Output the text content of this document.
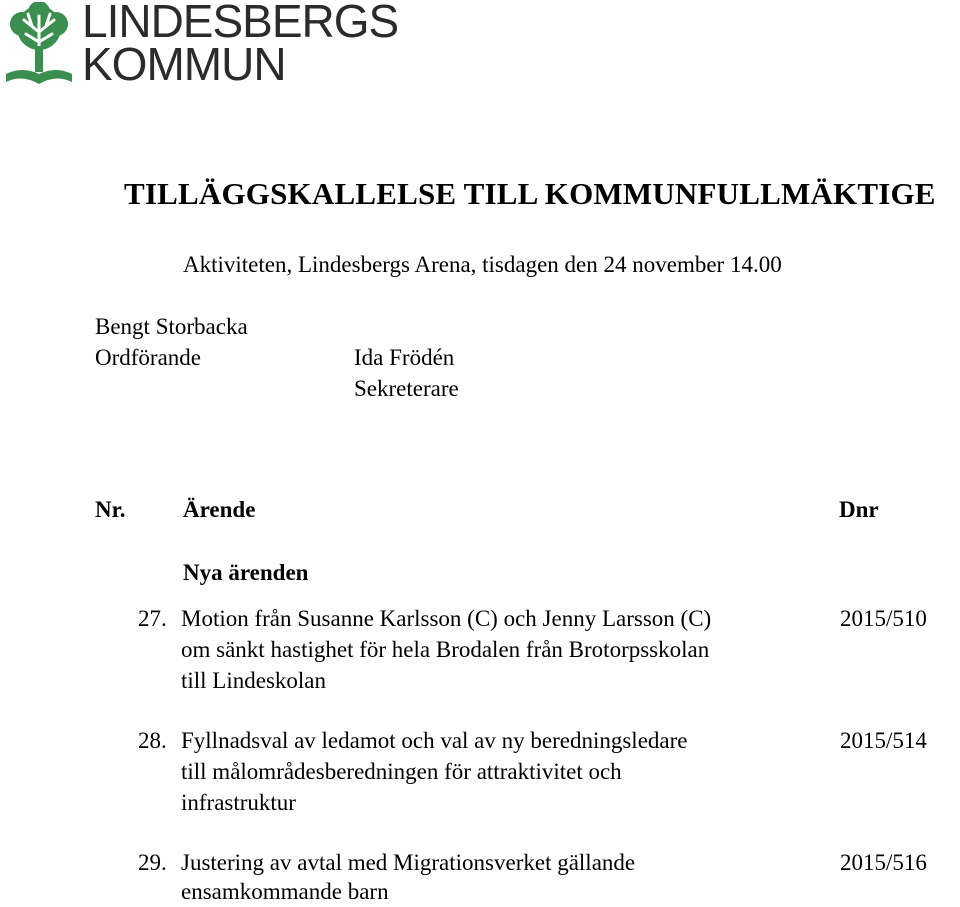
LINDESBERGS
KOMMUN
TILLÄGGSKALLELSE TILL KOMMUNFULLMÄKTIGE
Aktiviteten, Lindesbergs Arena, tisdagen den 24 november 14.00
Bengt Storbacka
Ordförande	Ida Frödén
Sekreterare
Nr.	Ärende	Dnr
Nya ärenden
27. Motion från Susanne Karlsson (C) och Jenny Larsson (C)
om sänkt hastighet för hela Brodalen från Brotorpsskolan
till Lindeskolan
2015/510
28. Fyllnadsval av ledamot och val av ny beredningsledare
till målområdesberedningen för attraktivitet och
infrastruktur
2015/514
29. Justering av avtal med Migrationsverket gällande
ensamkommande barn
2015/516
